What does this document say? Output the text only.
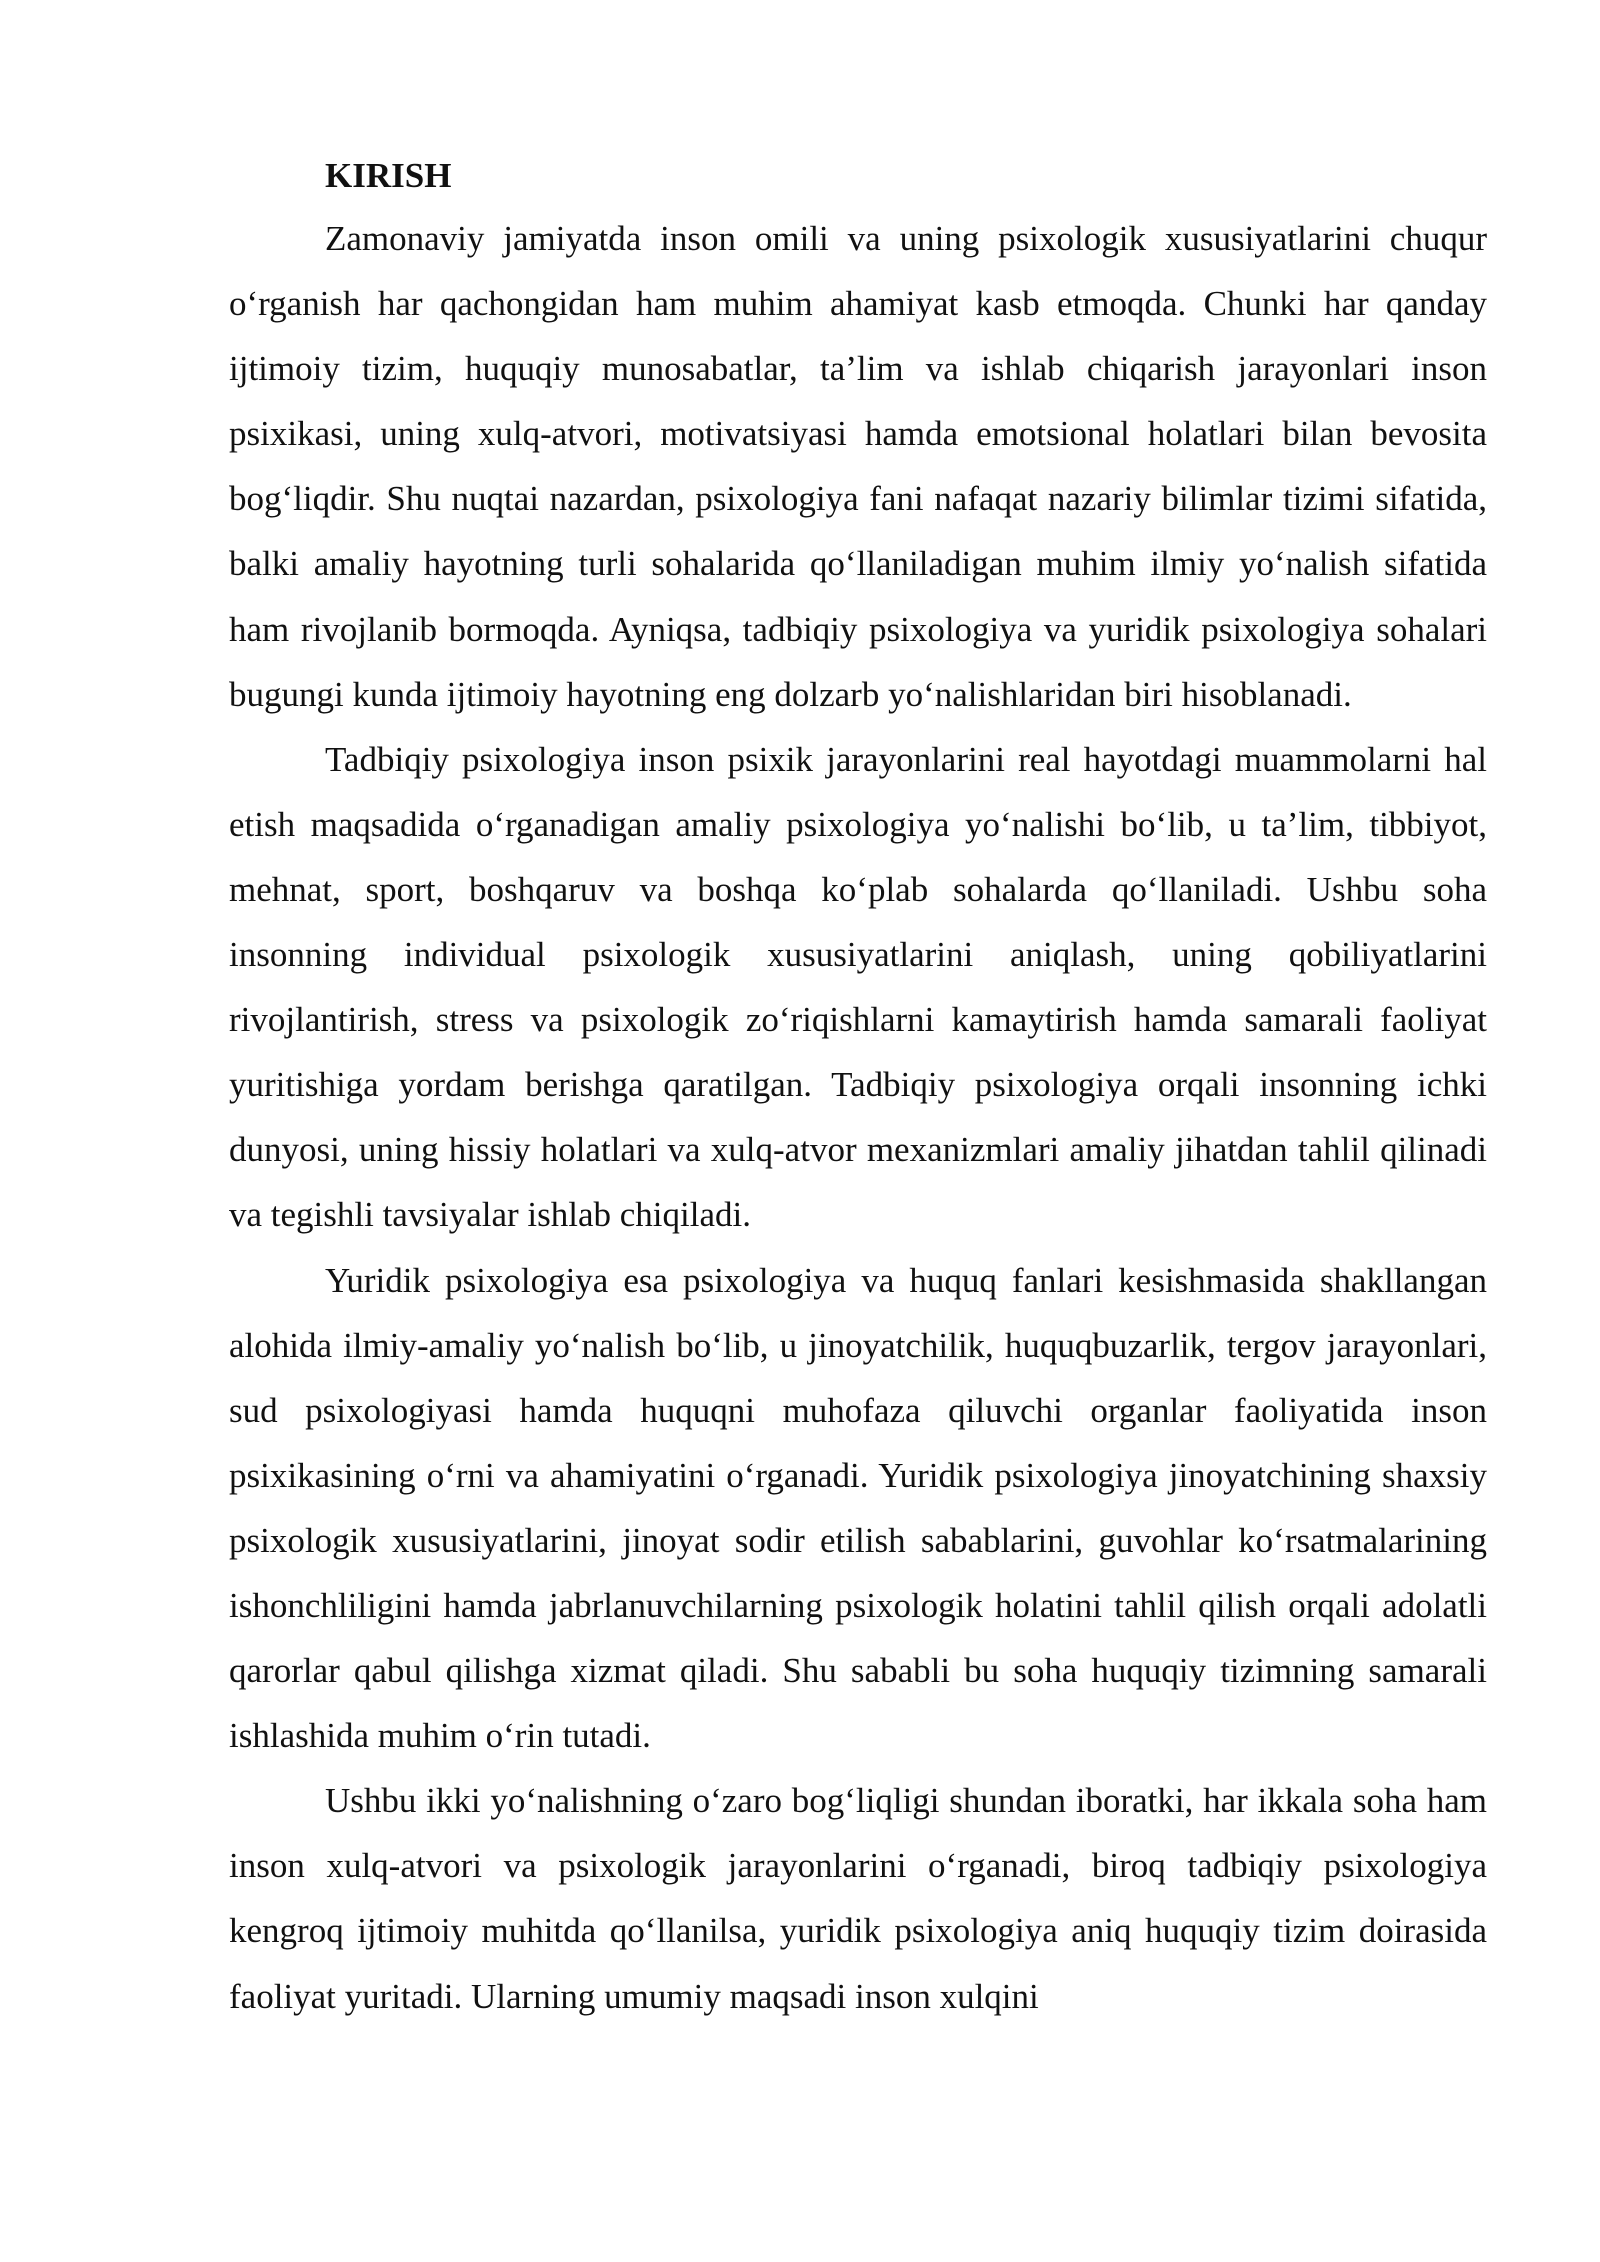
KIRISH

Zamonaviy jamiyatda inson omili va uning psixologik xususiyatlarini chuqur o‘rganish har qachongidan ham muhim ahamiyat kasb etmoqda. Chunki har qanday ijtimoiy tizim, huquqiy munosabatlar, ta’lim va ishlab chiqarish jarayonlari inson psixikasi, uning xulq-atvori, motivatsiyasi hamda emotsional holatlari bilan bevosita bog‘liqdir. Shu nuqtai nazardan, psixologiya fani nafaqat nazariy bilimlar tizimi sifatida, balki amaliy hayotning turli sohalarida qo‘llaniladigan muhim ilmiy yo‘nalish sifatida ham rivojlanib bormoqda. Ayniqsa, tadbiqiy psixologiya va yuridik psixologiya sohalari bugungi kunda ijtimoiy hayotning eng dolzarb yo‘nalishlaridan biri hisoblanadi.

Tadbiqiy psixologiya inson psixik jarayonlarini real hayotdagi muammolarni hal etish maqsadida o‘rganadigan amaliy psixologiya yo‘nalishi bo‘lib, u ta’lim, tibbiyot, mehnat, sport, boshqaruv va boshqa ko‘plab sohalarda qo‘llaniladi. Ushbu soha insonning individual psixologik xususiyatlarini aniqlash, uning qobiliyatlarini rivojlantirish, stress va psixologik zo‘riqishlarni kamaytirish hamda samarali faoliyat yuritishiga yordam berishga qaratilgan. Tadbiqiy psixologiya orqali insonning ichki dunyosi, uning hissiy holatlari va xulq-atvor mexanizmlari amaliy jihatdan tahlil qilinadi va tegishli tavsiyalar ishlab chiqiladi.

Yuridik psixologiya esa psixologiya va huquq fanlari kesishmasida shakllangan alohida ilmiy-amaliy yo‘nalish bo‘lib, u jinoyatchilik, huquqbuzarlik, tergov jarayonlari, sud psixologiyasi hamda huquqni muhofaza qiluvchi organlar faoliyatida inson psixikasining o‘rni va ahamiyatini o‘rganadi. Yuridik psixologiya jinoyatchining shaxsiy psixologik xususiyatlarini, jinoyat sodir etilish sabablarini, guvohlar ko‘rsatmalarining ishonchliligini hamda jabrlanuvchilarning psixologik holatini tahlil qilish orqali adolatli qarorlar qabul qilishga xizmat qiladi. Shu sababli bu soha huquqiy tizimning samarali ishlashida muhim o‘rin tutadi.

Ushbu ikki yo‘nalishning o‘zaro bog‘liqligi shundan iboratki, har ikkala soha ham inson xulq-atvori va psixologik jarayonlarini o‘rganadi, biroq tadbiqiy psixologiya kengroq ijtimoiy muhitda qo‘llanilsa, yuridik psixologiya aniq huquqiy tizim doirasida faoliyat yuritadi. Ularning umumiy maqsadi inson xulqini
